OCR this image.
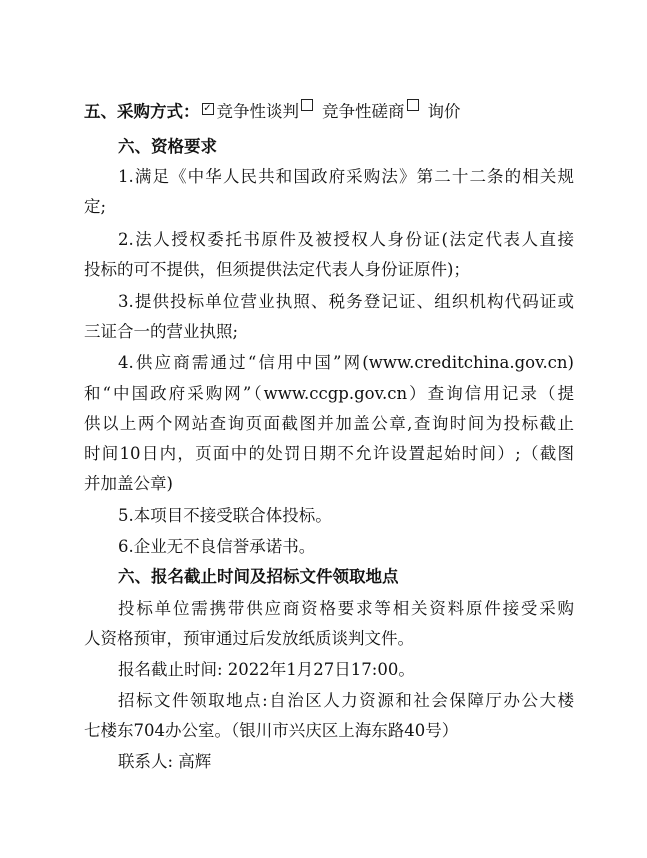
五、采购方式： ✓ 竞争性谈判 竞争性磋商 询价
六、资格要求
1.满足《中华人民共和国政府采购法》第二十二条的相关规
定;
2.法人授权委托书原件及被授权人身份证(法定代表人直接
投标的可不提供，但须提供法定代表人身份证原件)；
3.提供投标单位营业执照、税务登记证、组织机构代码证或
三证合一的营业执照;
4.供应商需通过“信用中国”网(www.creditchina.gov.cn)
和“中国政府采购网”（www.ccgp.gov.cn）查询信用记录（提
供以上两个网站查询页面截图并加盖公章,查询时间为投标截止
时间10日内，页面中的处罚日期不允许设置起始时间）;（截图
并加盖公章)
5.本项目不接受联合体投标。
6.企业无不良信誉承诺书。
六、报名截止时间及招标文件领取地点
投标单位需携带供应商资格要求等相关资料原件接受采购
人资格预审，预审通过后发放纸质谈判文件。
报名截止时间: 2022年1月27日17:00。
招标文件领取地点:自治区人力资源和社会保障厅办公大楼
七楼东704办公室。（银川市兴庆区上海东路40号）
联系人: 高辉
